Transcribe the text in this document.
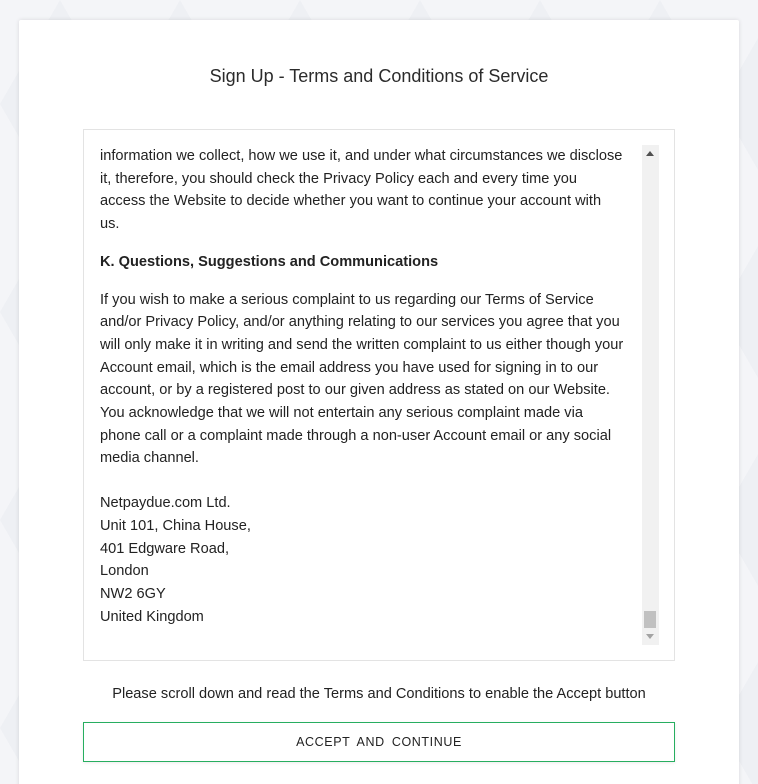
Sign Up - Terms and Conditions of Service

information we collect, how we use it, and under what circumstances we disclose
it, therefore, you should check the Privacy Policy each and every time you
access the Website to decide whether you want to continue your account with
us.

K. Questions, Suggestions and Communications

If you wish to make a serious complaint to us regarding our Terms of Service
and/or Privacy Policy, and/or anything relating to our services you agree that you
will only make it in writing and send the written complaint to us either though your
Account email, which is the email address you have used for signing in to our
account, or by a registered post to our given address as stated on our Website.
You acknowledge that we will not entertain any serious complaint made via
phone call or a complaint made through a non-user Account email or any social
media channel.

Netpaydue.com Ltd.
Unit 101, China House,
401 Edgware Road,
London
NW2 6GY
United Kingdom
Please scroll down and read the Terms and Conditions to enable the Accept button
ACCEPT AND CONTINUE
